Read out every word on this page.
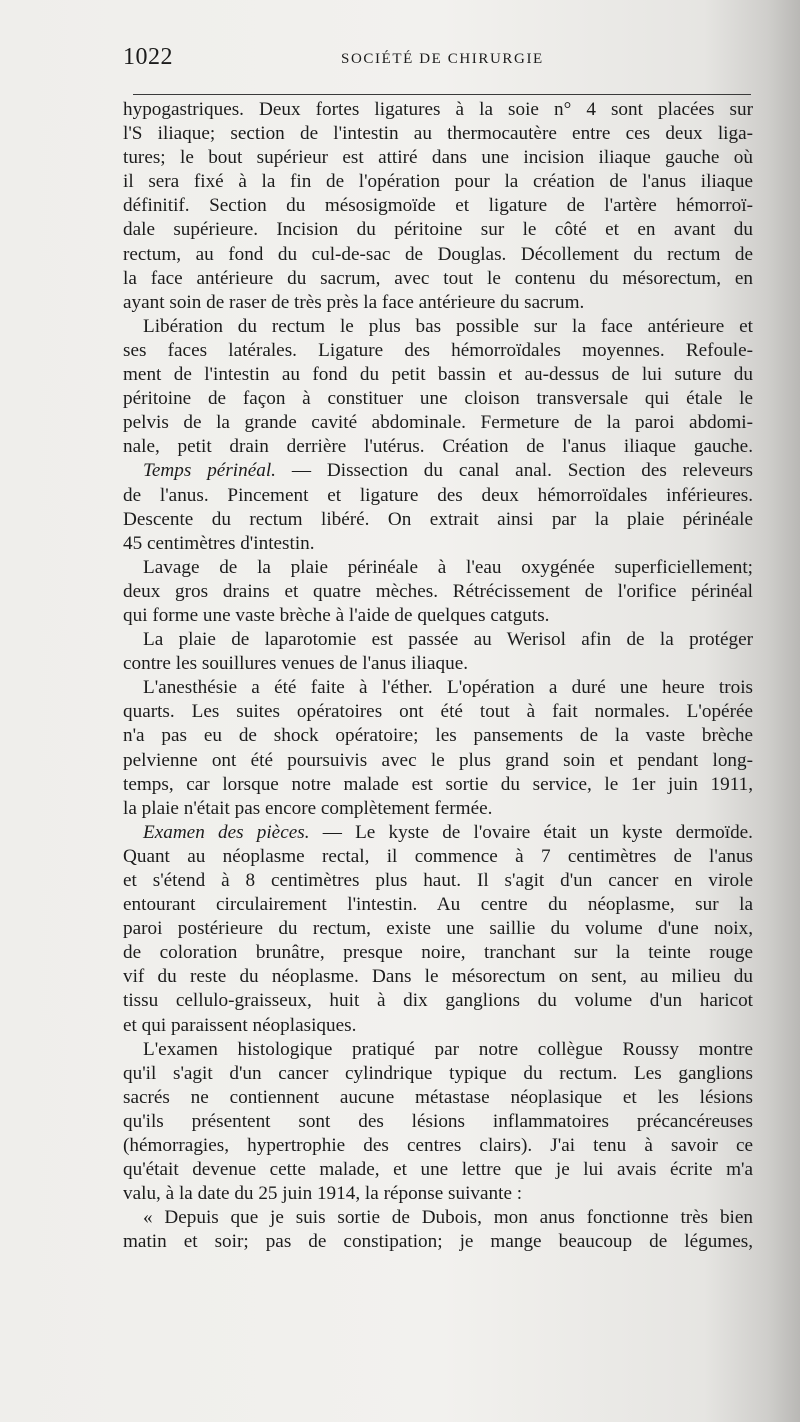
1022	SOCIÉTÉ DE CHIRURGIE

hypogastriques. Deux fortes ligatures à la soie n° 4 sont placées sur

l'S iliaque; section de l'intestin au thermocautère entre ces deux liga-

tures; le bout supérieur est attiré dans une incision iliaque gauche où

il sera fixé à la fin de l'opération pour la création de l'anus iliaque

définitif. Section du mésosigmoïde et ligature de l'artère hémorroï-

dale supérieure. Incision du péritoine sur le côté et en avant du

rectum, au fond du cul-de-sac de Douglas. Décollement du rectum de

la face antérieure du sacrum, avec tout le contenu du mésorectum, en

ayant soin de raser de très près la face antérieure du sacrum.

Libération du rectum le plus bas possible sur la face antérieure et

ses faces latérales. Ligature des hémorroïdales moyennes. Refoule-

ment de l'intestin au fond du petit bassin et au-dessus de lui suture du

péritoine de façon à constituer une cloison transversale qui étale le

pelvis de la grande cavité abdominale. Fermeture de la paroi abdomi-

nale, petit drain derrière l'utérus. Création de l'anus iliaque gauche.

Temps périnéal. — Dissection du canal anal. Section des releveurs

de l'anus. Pincement et ligature des deux hémorroïdales inférieures.

Descente du rectum libéré. On extrait ainsi par la plaie périnéale

45 centimètres d'intestin.

Lavage de la plaie périnéale à l'eau oxygénée superficiellement;

deux gros drains et quatre mèches. Rétrécissement de l'orifice périnéal

qui forme une vaste brèche à l'aide de quelques catguts.

La plaie de laparotomie est passée au Werisol afin de la protéger

contre les souillures venues de l'anus iliaque.

L'anesthésie a été faite à l'éther. L'opération a duré une heure trois

quarts. Les suites opératoires ont été tout à fait normales. L'opérée

n'a pas eu de shock opératoire; les pansements de la vaste brèche

pelvienne ont été poursuivis avec le plus grand soin et pendant long-

temps, car lorsque notre malade est sortie du service, le 1er juin 1911,

la plaie n'était pas encore complètement fermée.

Examen des pièces. — Le kyste de l'ovaire était un kyste dermoïde.

Quant au néoplasme rectal, il commence à 7 centimètres de l'anus

et s'étend à 8 centimètres plus haut. Il s'agit d'un cancer en virole

entourant circulairement l'intestin. Au centre du néoplasme, sur la

paroi postérieure du rectum, existe une saillie du volume d'une noix,

de coloration brunâtre, presque noire, tranchant sur la teinte rouge

vif du reste du néoplasme. Dans le mésorectum on sent, au milieu du

tissu cellulo-graisseux, huit à dix ganglions du volume d'un haricot

et qui paraissent néoplasiques.

L'examen histologique pratiqué par notre collègue Roussy montre

qu'il s'agit d'un cancer cylindrique typique du rectum. Les ganglions

sacrés ne contiennent aucune métastase néoplasique et les lésions

qu'ils présentent sont des lésions inflammatoires précancéreuses

(hémorragies, hypertrophie des centres clairs). J'ai tenu à savoir ce

qu'était devenue cette malade, et une lettre que je lui avais écrite m'a

valu, à la date du 25 juin 1914, la réponse suivante :

« Depuis que je suis sortie de Dubois, mon anus fonctionne très bien

matin et soir; pas de constipation; je mange beaucoup de légumes,
